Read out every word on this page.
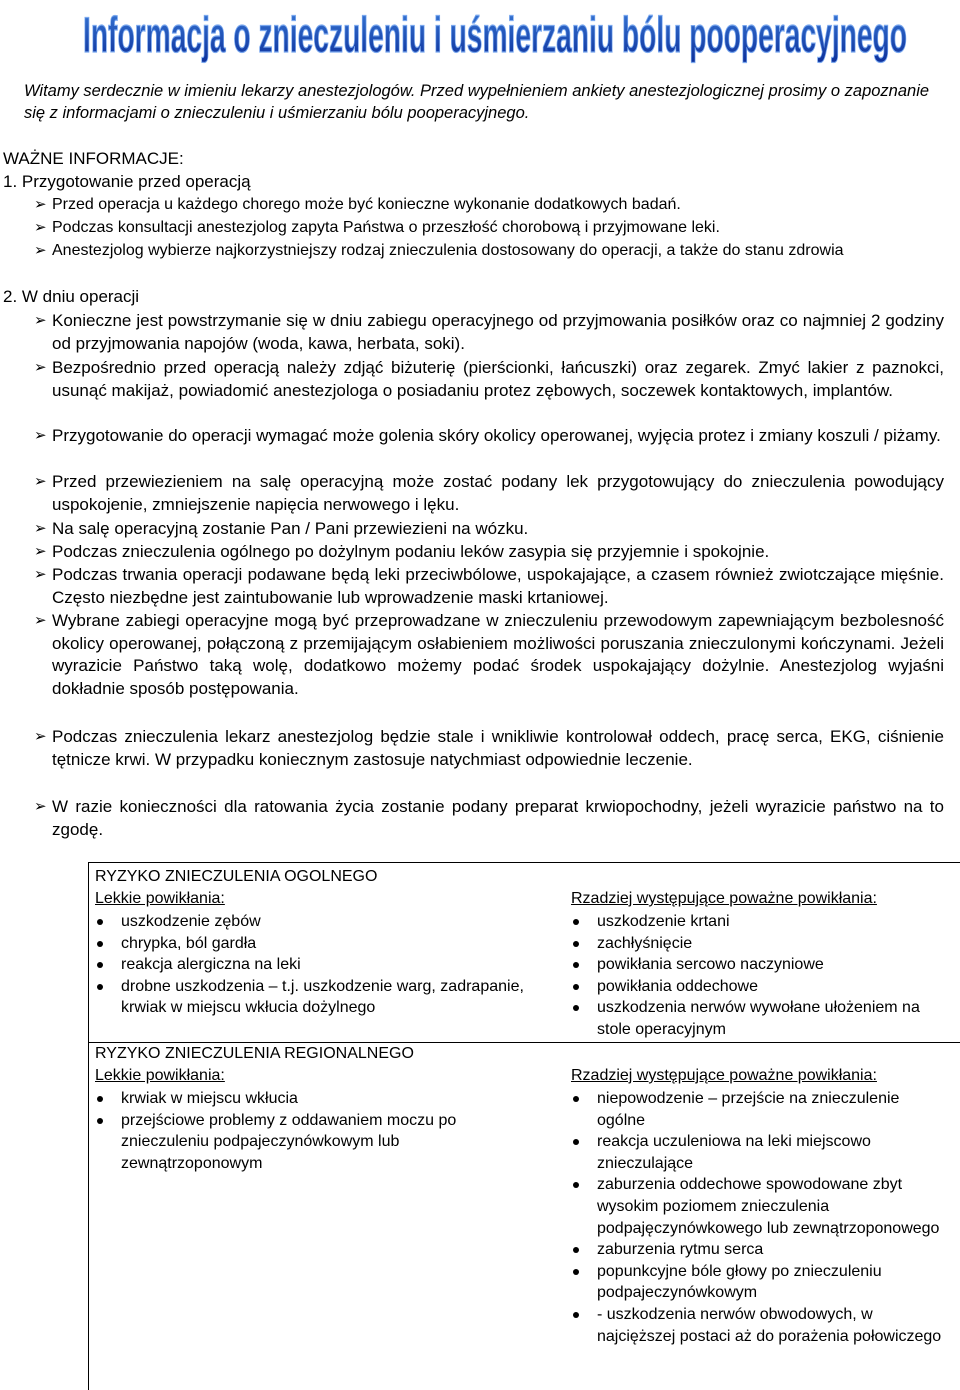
Informacja o znieczuleniu i uśmierzaniu bólu pooperacyjnego
Witamy serdecznie w imieniu lekarzy anestezjologów. Przed wypełnieniem ankiety anestezjologicznej prosimy o zapoznanie się z informacjami o znieczuleniu i uśmierzaniu bólu pooperacyjnego.
WAŻNE INFORMACJE:
1. Przygotowanie przed operacją
➢ Przed operacja u każdego chorego może być konieczne wykonanie dodatkowych badań.
➢ Podczas konsultacji anestezjolog zapyta Państwa o przeszłość chorobową i przyjmowane leki.
➢ Anestezjolog wybierze najkorzystniejszy rodzaj znieczulenia dostosowany do operacji, a także do stanu zdrowia
2. W dniu operacji
➢ Konieczne jest powstrzymanie się w dniu zabiegu operacyjnego od przyjmowania posiłków oraz co najmniej 2 godziny od przyjmowania napojów (woda, kawa, herbata, soki).
➢ Bezpośrednio przed operacją należy zdjąć biżuterię (pierścionki, łańcuszki) oraz zegarek. Zmyć lakier z paznokci, usunąć makijaż, powiadomić anestezjologa o posiadaniu protez zębowych, soczewek kontaktowych, implantów.
➢ Przygotowanie do operacji wymagać może golenia skóry okolicy operowanej, wyjęcia protez i zmiany koszuli / piżamy.
➢ Przed przewiezieniem na salę operacyjną może zostać podany lek przygotowujący do znieczulenia powodujący uspokojenie, zmniejszenie napięcia nerwowego i lęku.
➢ Na salę operacyjną zostanie Pan / Pani przewiezieni na wózku.
➢ Podczas znieczulenia ogólnego po dożylnym podaniu leków zasypia się przyjemnie i spokojnie.
➢ Podczas trwania operacji podawane będą leki przeciwbólowe, uspokajające, a czasem również zwiotczające mięśnie. Często niezbędne jest zaintubowanie lub wprowadzenie maski krtaniowej.
➢ Wybrane zabiegi operacyjne mogą być przeprowadzane w znieczuleniu przewodowym zapewniającym bezbolesność okolicy operowanej, połączoną z przemijającym osłabieniem możliwości poruszania znieczulonymi kończynami. Jeżeli wyrazicie Państwo taką wolę, dodatkowo możemy podać środek uspokajający dożylnie. Anestezjolog wyjaśni dokładnie sposób postępowania.
➢ Podczas znieczulenia lekarz anestezjolog będzie stale i wnikliwie kontrolował oddech, pracę serca, EKG, ciśnienie tętnicze krwi. W przypadku koniecznym zastosuje natychmiast odpowiednie leczenie.
➢ W razie konieczności dla ratowania życia zostanie podany preparat krwiopochodny, jeżeli wyrazicie państwo na to zgodę.
RYZYKO ZNIECZULENIA OGOLNEGO
Lekkie powikłania:
uszkodzenie zębów
chrypka, ból gardła
reakcja alergiczna na leki
drobne uszkodzenia – t.j. uszkodzenie warg, zadrapanie, krwiak w miejscu wkłucia dożylnego
Rzadziej występujące poważne powikłania:
uszkodzenie krtani
zachłyśnięcie
powikłania sercowo naczyniowe
powikłania oddechowe
uszkodzenia nerwów wywołane ułożeniem na stole operacyjnym
RYZYKO ZNIECZULENIA REGIONALNEGO
Lekkie powikłania:
krwiak w miejscu wkłucia
przejściowe problemy z oddawaniem moczu po znieczuleniu podpajeczynówkowym lub zewnątrzoponowym
Rzadziej występujące poważne powikłania:
niepowodzenie – przejście na znieczulenie ogólne
reakcja uczuleniowa na leki miejscowo znieczulające
zaburzenia oddechowe spowodowane zbyt wysokim poziomem znieczulenia podpajęczynówkowego lub zewnątrzoponowego
zaburzenia rytmu serca
popunkcyjne bóle głowy po znieczuleniu podpajeczynówkowym
- uszkodzenia nerwów obwodowych, w najcięższej postaci aż do porażenia połowiczego
